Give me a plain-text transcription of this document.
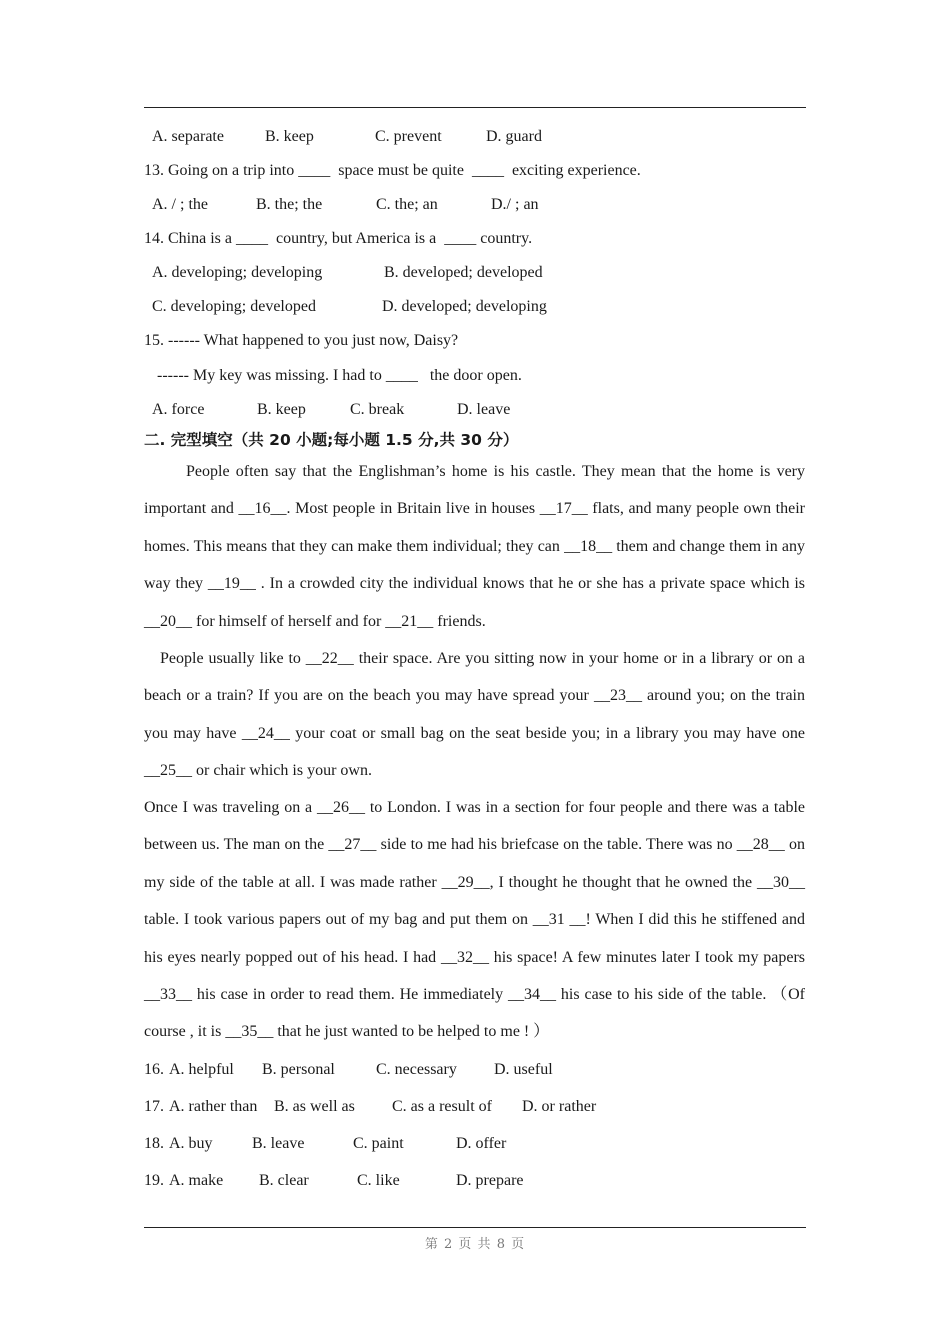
A. separate

	B. keep

	C. prevent

	D. guard

13. Going on a trip into ____  space must be quite  ____  exciting experience.

A. / ; the

	B. the; the

	C. the; an

	D./ ; an

14. China is a ____  country, but America is a  ____ country.

A. developing; developing

	B. developed; developed

C. developing; developed

	D. developed; developing

15. ------ What happened to you just now, Daisy?
------ My key was missing. I had to ____   the door open.

A. force

	B. keep

	C. break

	D. leave

二. 完型填空（共 20 小题;每小题 1.5 分,共 30 分）
People often say that the Englishman’s home is his castle. They mean that the home is very important and __16__. Most people in Britain live in houses __17__ flats, and many people own their homes. This means that they can make them individual; they can __18__ them and change them in any way they __19__ . In a crowded city the individual knows that he or she has a private space which is __20__ for himself of herself and for __21__ friends.
People usually like to __22__ their space. Are you sitting now in your home or in a library or on a beach or a train? If you are on the beach you may have spread your __23__ around you; on the train you may have __24__ your coat or small bag on the seat beside you; in a library you may have one __25__ or chair which is your own.
Once I was traveling on a __26__ to London. I was in a section for four people and there was a table between us. The man on the __27__ side to me had his briefcase on the table. There was no __28__ on my side of the table at all. I was made rather __29__, I thought he thought that he owned the __30__ table. I took various papers out of my bag and put them on __31 __! When I did this he stiffened and his eyes nearly popped out of his head. I had __32__ his space! A few minutes later I took my papers __33__ his case in order to read them. He immediately __34__ his case to his side of the table. （Of course , it is __35__ that he just wanted to be helped to me ! ）

16.

A. helpful

B. personal

	C. necessary

D. useful

17.

A. rather than

B. as well as

C. as a result of

D. or rather

18.

A. buy

B. leave

	C. paint

	D. offer

19.

A. make

B. clear

	C. like

	D. prepare

第 2 页 共 8 页
